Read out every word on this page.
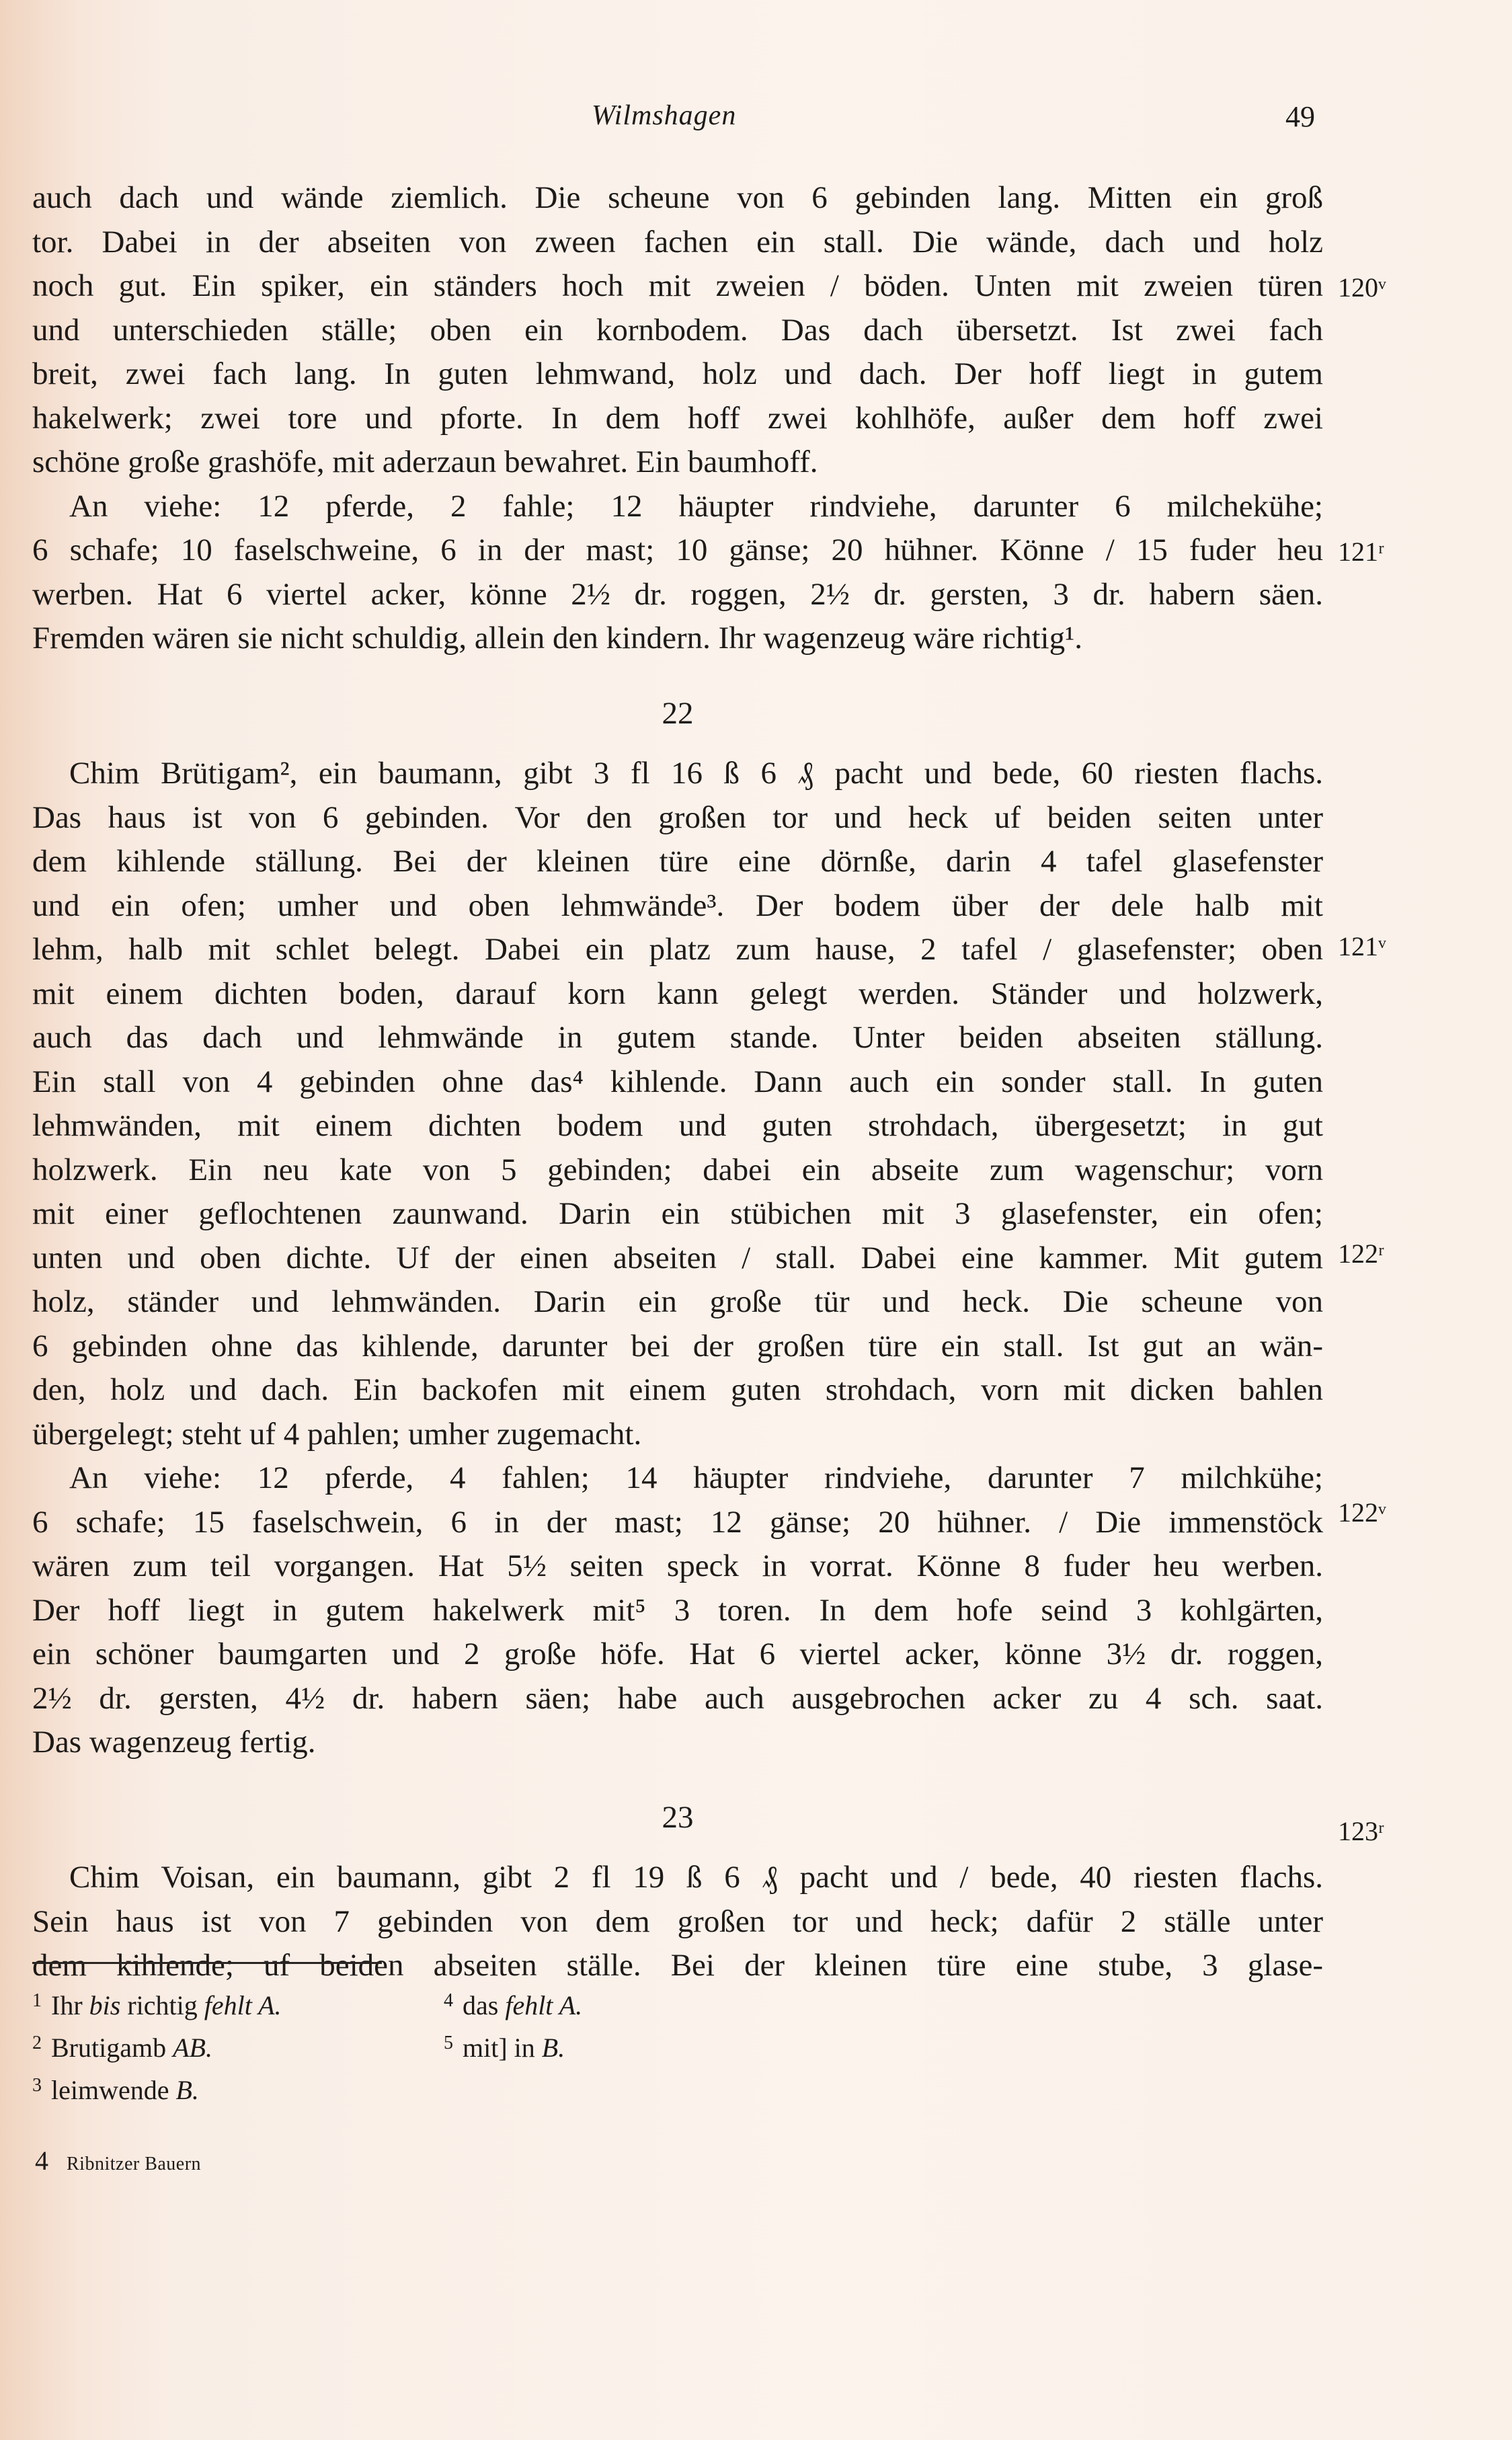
Wilmshagen	49
auch dach und wände ziemlich. Die scheune von 6 gebinden lang. Mitten ein groß
tor. Dabei in der abseiten von zween fachen ein stall. Die wände, dach und holz
noch gut. Ein spiker, ein ständers hoch mit zweien / böden. Unten mit zweien türen
und unterschieden ställe; oben ein kornbodem. Das dach übersetzt. Ist zwei fach
breit, zwei fach lang. In guten lehmwand, holz und dach. Der hoff liegt in gutem
hakelwerk; zwei tore und pforte. In dem hoff zwei kohlhöfe, außer dem hoff zwei
schöne große grashöfe, mit aderzaun bewahret. Ein baumhoff.
An viehe: 12 pferde, 2 fahle; 12 häupter rindviehe, darunter 6 milchekühe;
6 schafe; 10 faselschweine, 6 in der mast; 10 gänse; 20 hühner. Könne / 15 fuder heu
werben. Hat 6 viertel acker, könne 2½ dr. roggen, 2½ dr. gersten, 3 dr. habern säen.
Fremden wären sie nicht schuldig, allein den kindern. Ihr wagenzeug wäre richtig¹.
22
Chim Brütigam², ein baumann, gibt 3 fl 16 ß 6 ₰ pacht und bede, 60 riesten flachs.
Das haus ist von 6 gebinden. Vor den großen tor und heck uf beiden seiten unter
dem kihlende ställung. Bei der kleinen türe eine dörnße, darin 4 tafel glasefenster
und ein ofen; umher und oben lehmwände³. Der bodem über der dele halb mit
lehm, halb mit schlet belegt. Dabei ein platz zum hause, 2 tafel / glasefenster; oben
mit einem dichten boden, darauf korn kann gelegt werden. Ständer und holzwerk,
auch das dach und lehmwände in gutem stande. Unter beiden abseiten ställung.
Ein stall von 4 gebinden ohne das⁴ kihlende. Dann auch ein sonder stall. In guten
lehmwänden, mit einem dichten bodem und guten strohdach, übergesetzt; in gut
holzwerk. Ein neu kate von 5 gebinden; dabei ein abseite zum wagenschur; vorn
mit einer geflochtenen zaunwand. Darin ein stübichen mit 3 glasefenster, ein ofen;
unten und oben dichte. Uf der einen abseiten / stall. Dabei eine kammer. Mit gutem
holz, ständer und lehmwänden. Darin ein große tür und heck. Die scheune von
6 gebinden ohne das kihlende, darunter bei der großen türe ein stall. Ist gut an wän-
den, holz und dach. Ein backofen mit einem guten strohdach, vorn mit dicken bahlen
übergelegt; steht uf 4 pahlen; umher zugemacht.
An viehe: 12 pferde, 4 fahlen; 14 häupter rindviehe, darunter 7 milchkühe;
6 schafe; 15 faselschwein, 6 in der mast; 12 gänse; 20 hühner. / Die immenstöck
wären zum teil vorgangen. Hat 5½ seiten speck in vorrat. Könne 8 fuder heu werben.
Der hoff liegt in gutem hakelwerk mit⁵ 3 toren. In dem hofe seind 3 kohlgärten,
ein schöner baumgarten und 2 große höfe. Hat 6 viertel acker, könne 3½ dr. roggen,
2½ dr. gersten, 4½ dr. habern säen; habe auch ausgebrochen acker zu 4 sch. saat.
Das wagenzeug fertig.
23
Chim Voisan, ein baumann, gibt 2 fl 19 ß 6 ₰ pacht und / bede, 40 riesten flachs.
Sein haus ist von 7 gebinden von dem großen tor und heck; dafür 2 ställe unter
dem kihlende; uf beiden abseiten ställe. Bei der kleinen türe eine stube, 3 glase-
120ᵛ
121ʳ
121ᵛ
122ʳ
122ᵛ
123ʳ
$^1$ Ihr bis richtig fehlt A.
$^2$ Brutigamb AB.
$^3$ leimwende B.
$^4$ das fehlt A.
$^5$ mit] in B.
4 Ribnitzer Bauern
